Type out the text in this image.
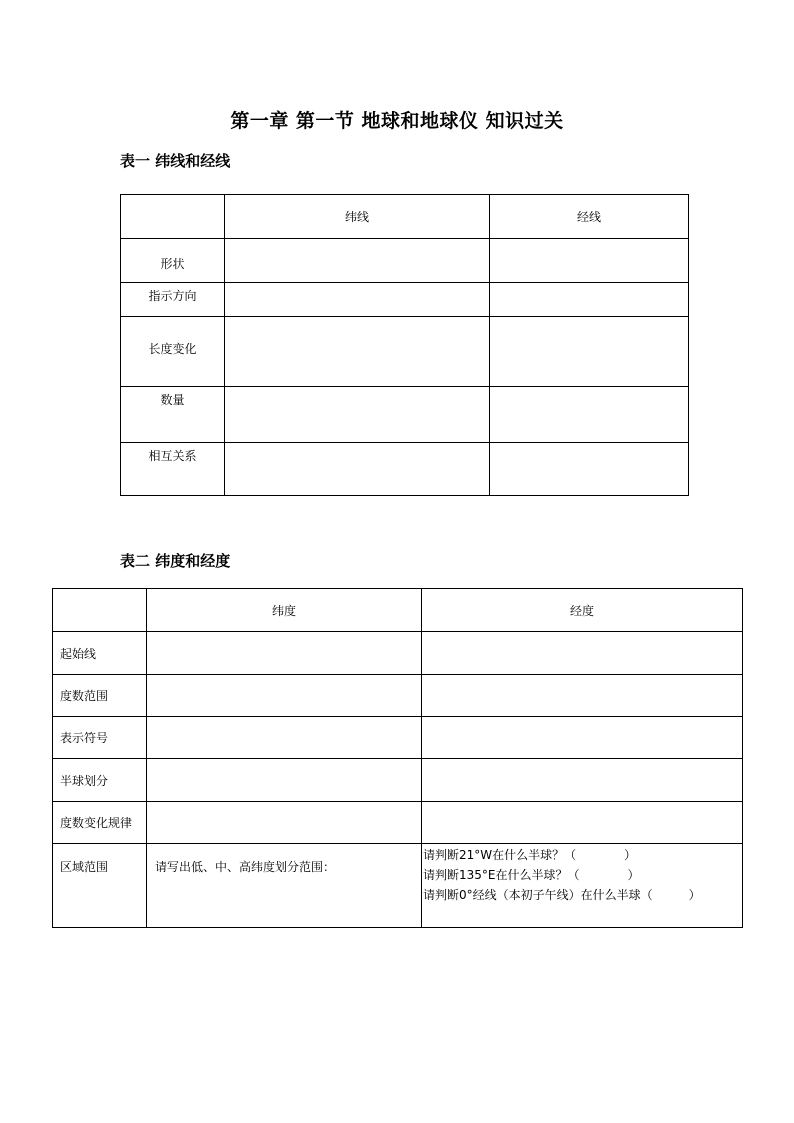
第一章 第一节 地球和地球仪 知识过关
表一 纬线和经线
	纬线	经线
形状		
指示方向		
长度变化		
数量		
相互关系		
表二 纬度和经度
	纬度	经度
起始线		
度数范围		
表示符号		
半球划分		
度数变化规律		
区域范围	请写出低、中、高纬度划分范围：	请判断21°W在什么半球？（　　　　）
请判断135°E在什么半球？（　　　　）
请判断0°经线（本初子午线）在什么半球（　　　）
